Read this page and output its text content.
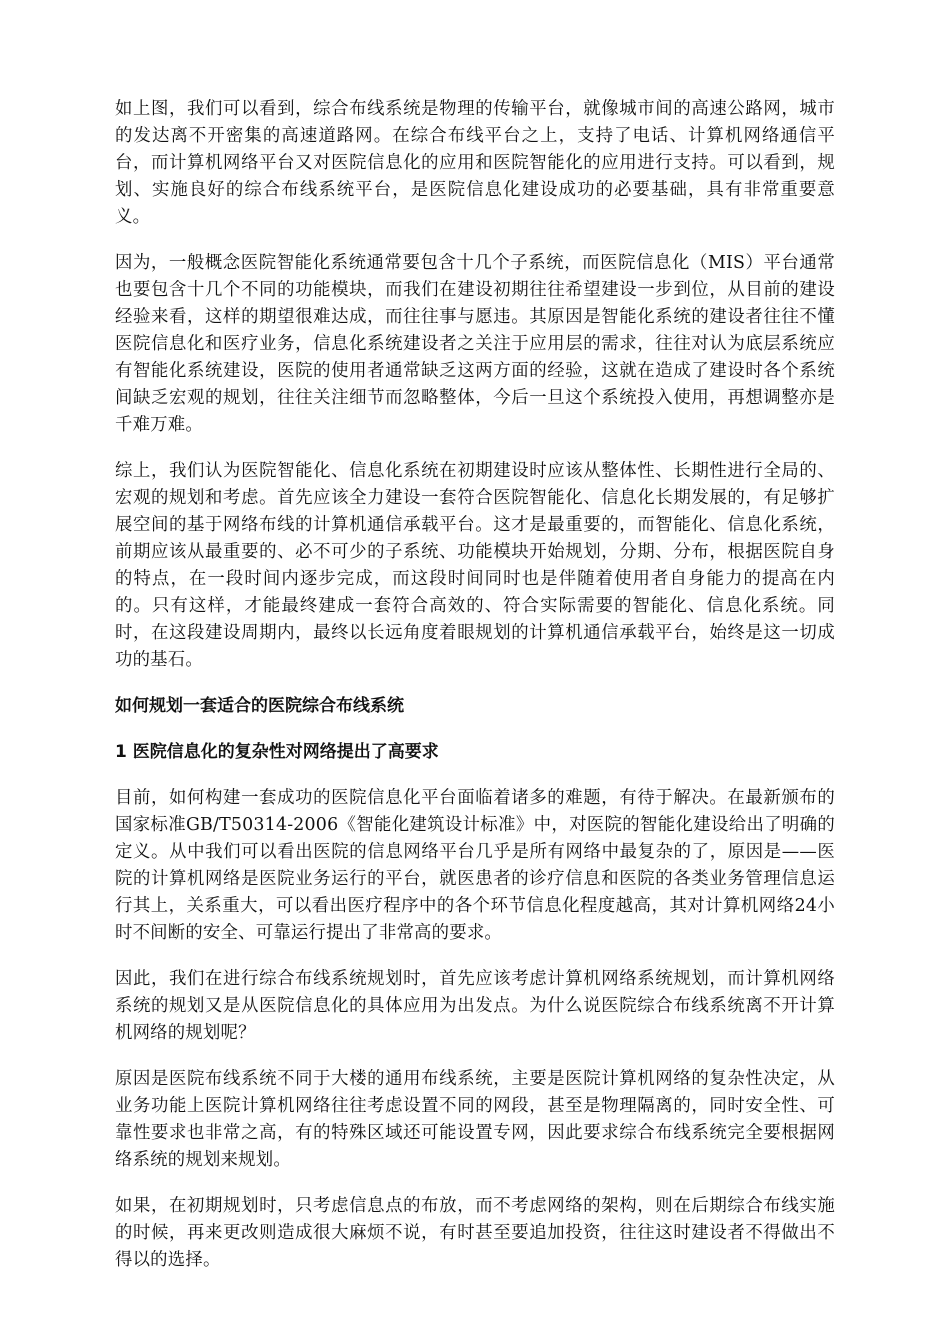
如上图，我们可以看到，综合布线系统是物理的传输平台，就像城市间的高速公路网，城市的发达离不开密集的高速道路网。在综合布线平台之上，支持了电话、计算机网络通信平台，而计算机网络平台又对医院信息化的应用和医院智能化的应用进行支持。可以看到，规划、实施良好的综合布线系统平台，是医院信息化建设成功的必要基础，具有非常重要意义。

因为，一般概念医院智能化系统通常要包含十几个子系统，而医院信息化（MIS）平台通常也要包含十几个不同的功能模块，而我们在建设初期往往希望建设一步到位，从目前的建设经验来看，这样的期望很难达成，而往往事与愿违。其原因是智能化系统的建设者往往不懂医院信息化和医疗业务，信息化系统建设者之关注于应用层的需求，往往对认为底层系统应有智能化系统建设，医院的使用者通常缺乏这两方面的经验，这就在造成了建设时各个系统间缺乏宏观的规划，往往关注细节而忽略整体，今后一旦这个系统投入使用，再想调整亦是千难万难。

综上，我们认为医院智能化、信息化系统在初期建设时应该从整体性、长期性进行全局的、宏观的规划和考虑。首先应该全力建设一套符合医院智能化、信息化长期发展的，有足够扩展空间的基于网络布线的计算机通信承载平台。这才是最重要的，而智能化、信息化系统，前期应该从最重要的、必不可少的子系统、功能模块开始规划，分期、分布，根据医院自身的特点，在一段时间内逐步完成，而这段时间同时也是伴随着使用者自身能力的提高在内的。只有这样，才能最终建成一套符合高效的、符合实际需要的智能化、信息化系统。同时，在这段建设周期内，最终以长远角度着眼规划的计算机通信承载平台，始终是这一切成功的基石。

如何规划一套适合的医院综合布线系统
1 医院信息化的复杂性对网络提出了高要求

目前，如何构建一套成功的医院信息化平台面临着诸多的难题，有待于解决。在最新颁布的国家标准GB/T50314-2006《智能化建筑设计标准》中，对医院的智能化建设给出了明确的定义。从中我们可以看出医院的信息网络平台几乎是所有网络中最复杂的了，原因是——医院的计算机网络是医院业务运行的平台，就医患者的诊疗信息和医院的各类业务管理信息运行其上，关系重大，可以看出医疗程序中的各个环节信息化程度越高，其对计算机网络24小时不间断的安全、可靠运行提出了非常高的要求。

因此，我们在进行综合布线系统规划时，首先应该考虑计算机网络系统规划，而计算机网络系统的规划又是从医院信息化的具体应用为出发点。为什么说医院综合布线系统离不开计算机网络的规划呢？

原因是医院布线系统不同于大楼的通用布线系统，主要是医院计算机网络的复杂性决定，从业务功能上医院计算机网络往往考虑设置不同的网段，甚至是物理隔离的，同时安全性、可靠性要求也非常之高，有的特殊区域还可能设置专网，因此要求综合布线系统完全要根据网络系统的规划来规划。

如果，在初期规划时，只考虑信息点的布放，而不考虑网络的架构，则在后期综合布线实施的时候，再来更改则造成很大麻烦不说，有时甚至要追加投资，往往这时建设者不得做出不得以的选择。
